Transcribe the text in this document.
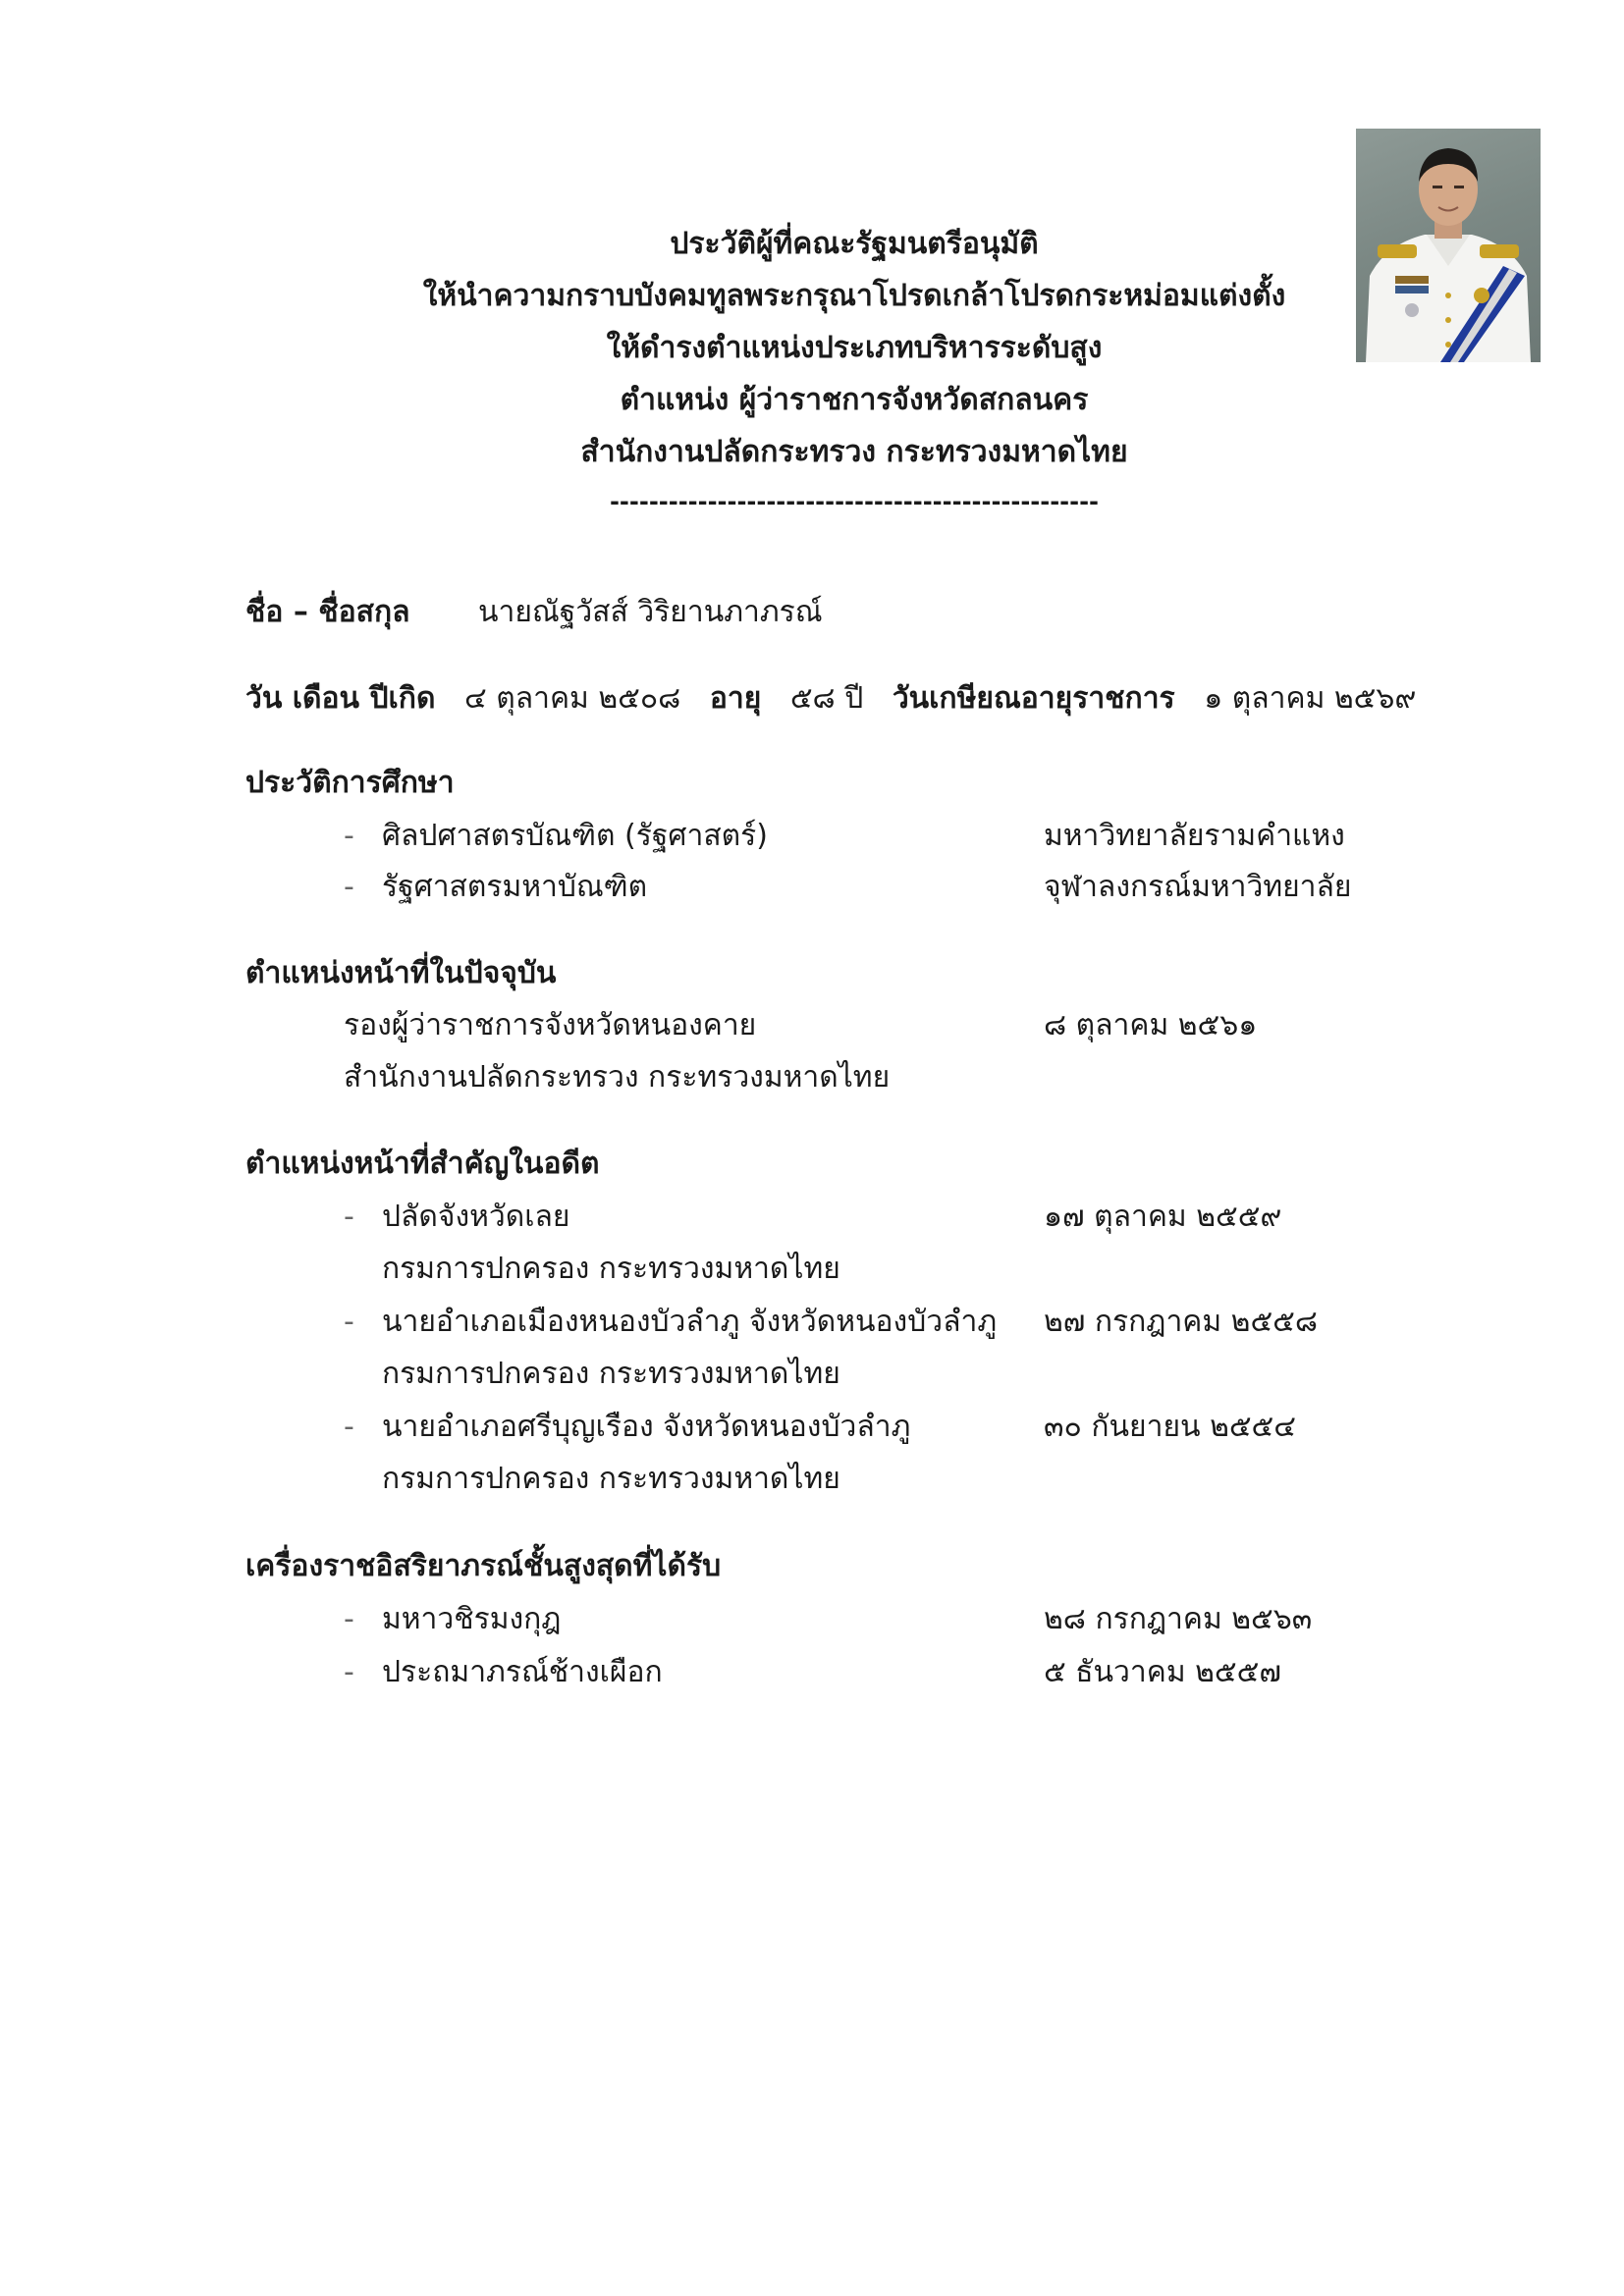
ประวัติผู้ที่คณะรัฐมนตรีอนุมัติ
ให้นำความกราบบังคมทูลพระกรุณาโปรดเกล้าโปรดกระหม่อมแต่งตั้ง
ให้ดำรงตำแหน่งประเภทบริหารระดับสูง
ตำแหน่ง ผู้ว่าราชการจังหวัดสกลนคร
สำนักงานปลัดกระทรวง กระทรวงมหาดไทย
--------------------------------------------------
ชื่อ – ชื่อสกุล นายณัฐวัสส์ วิริยานภาภรณ์
วัน เดือน ปีเกิด ๔ ตุลาคม ๒๕๐๘ อายุ ๕๘ ปี วันเกษียณอายุราชการ ๑ ตุลาคม ๒๕๖๙
ประวัติการศึกษา
- ศิลปศาสตรบัณฑิต (รัฐศาสตร์)	มหาวิทยาลัยรามคำแหง
- รัฐศาสตรมหาบัณฑิต	จุฬาลงกรณ์มหาวิทยาลัย
ตำแหน่งหน้าที่ในปัจจุบัน
รองผู้ว่าราชการจังหวัดหนองคาย	๘ ตุลาคม ๒๕๖๑
สำนักงานปลัดกระทรวง กระทรวงมหาดไทย
ตำแหน่งหน้าที่สำคัญในอดีต
- ปลัดจังหวัดเลย	๑๗ ตุลาคม ๒๕๕๙
กรมการปกครอง กระทรวงมหาดไทย
- นายอำเภอเมืองหนองบัวลำภู จังหวัดหนองบัวลำภู ๒๗ กรกฎาคม ๒๕๕๘
กรมการปกครอง กระทรวงมหาดไทย
- นายอำเภอศรีบุญเรือง จังหวัดหนองบัวลำภู	๓๐ กันยายน ๒๕๕๔
กรมการปกครอง กระทรวงมหาดไทย
เครื่องราชอิสริยาภรณ์ชั้นสูงสุดที่ได้รับ
- มหาวชิรมงกุฎ	๒๘ กรกฎาคม ๒๕๖๓
- ประถมาภรณ์ช้างเผือก	๕ ธันวาคม ๒๕๕๗
